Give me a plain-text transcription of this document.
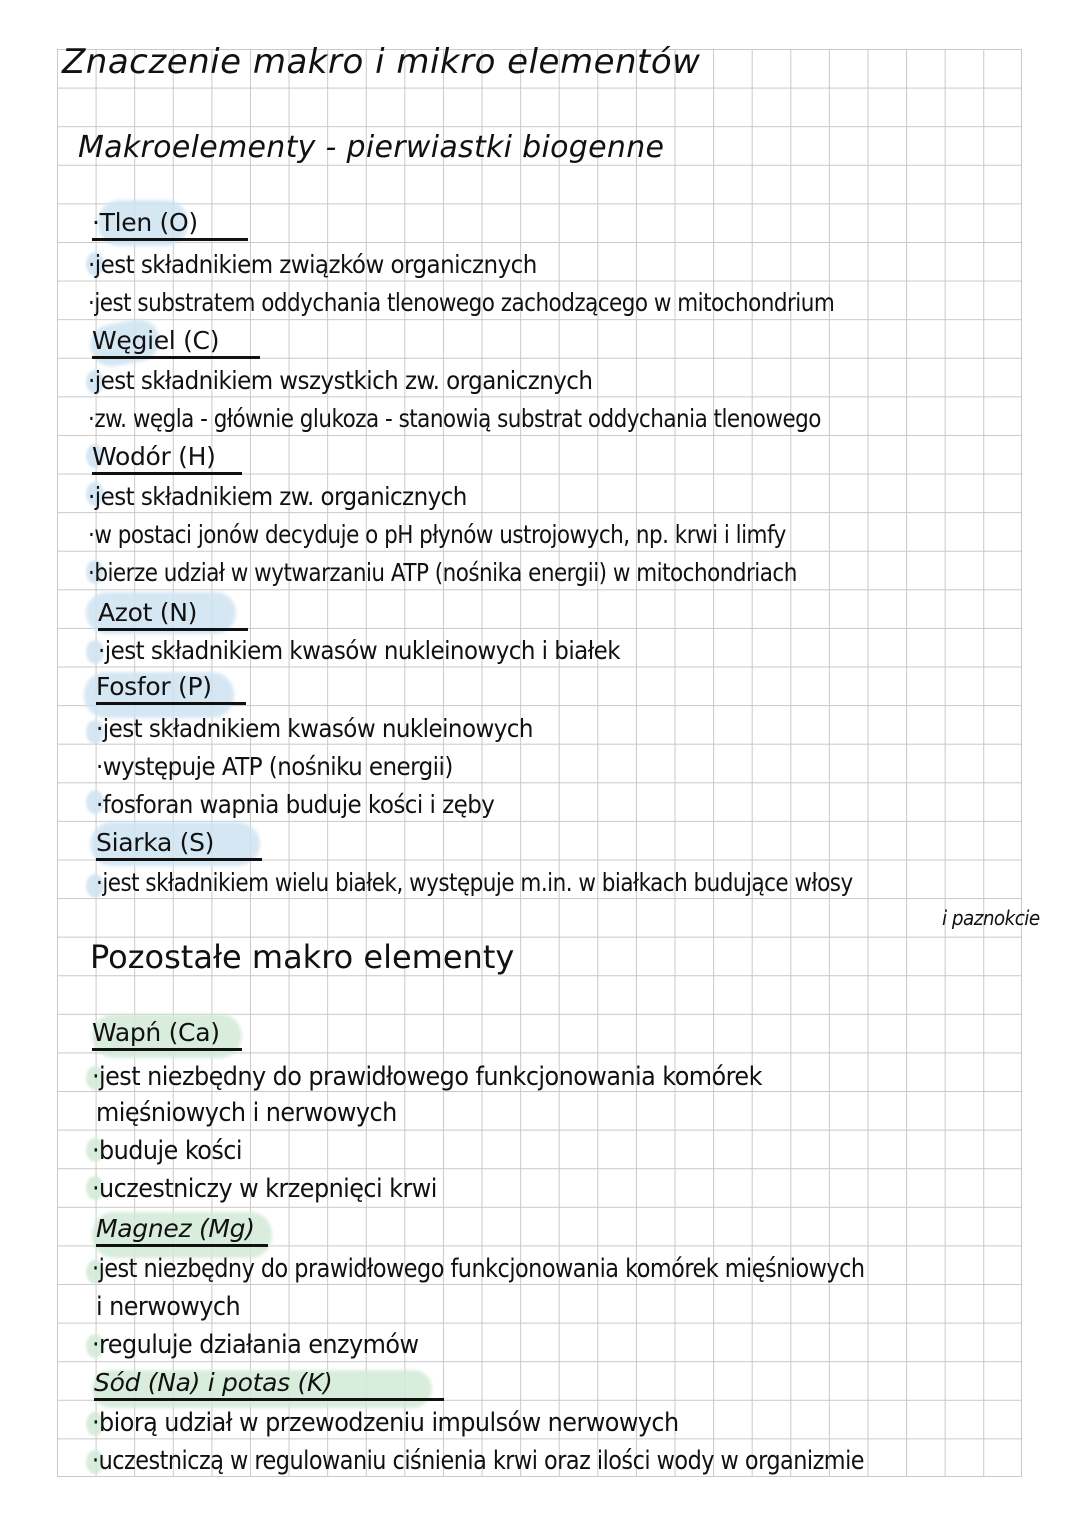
Znaczenie makro i mikro elementów
Makroelementy - pierwiastki biogenne
·Tlen (O)
·jest składnikiem związków organicznych
·jest substratem oddychania tlenowego zachodzącego w mitochondrium
Węgiel (C)
·jest składnikiem wszystkich zw. organicznych
·zw. węgla - głównie glukoza - stanowią substrat oddychania tlenowego
Wodór (H)
·jest składnikiem zw. organicznych
·w postaci jonów decyduje o pH płynów ustrojowych, np. krwi i limfy
·bierze udział w wytwarzaniu ATP (nośnika energii) w mitochondriach
Azot (N)
·jest składnikiem kwasów nukleinowych i białek
Fosfor (P)
·jest składnikiem kwasów nukleinowych
·występuje ATP (nośniku energii)
·fosforan wapnia buduje kości i zęby
Siarka (S)
·jest składnikiem wielu białek, występuje m.in. w białkach budujące włosy
i paznokcie
Pozostałe makro elementy
Wapń (Ca)
·jest niezbędny do prawidłowego funkcjonowania komórek
mięśniowych i nerwowych
·buduje kości
·uczestniczy w krzepnięci krwi
Magnez (Mg)
·jest niezbędny do prawidłowego funkcjonowania komórek mięśniowych
i nerwowych
·reguluje działania enzymów
Sód (Na) i potas (K)
·biorą udział w przewodzeniu impulsów nerwowych
·uczestniczą w regulowaniu ciśnienia krwi oraz ilości wody w organizmie
